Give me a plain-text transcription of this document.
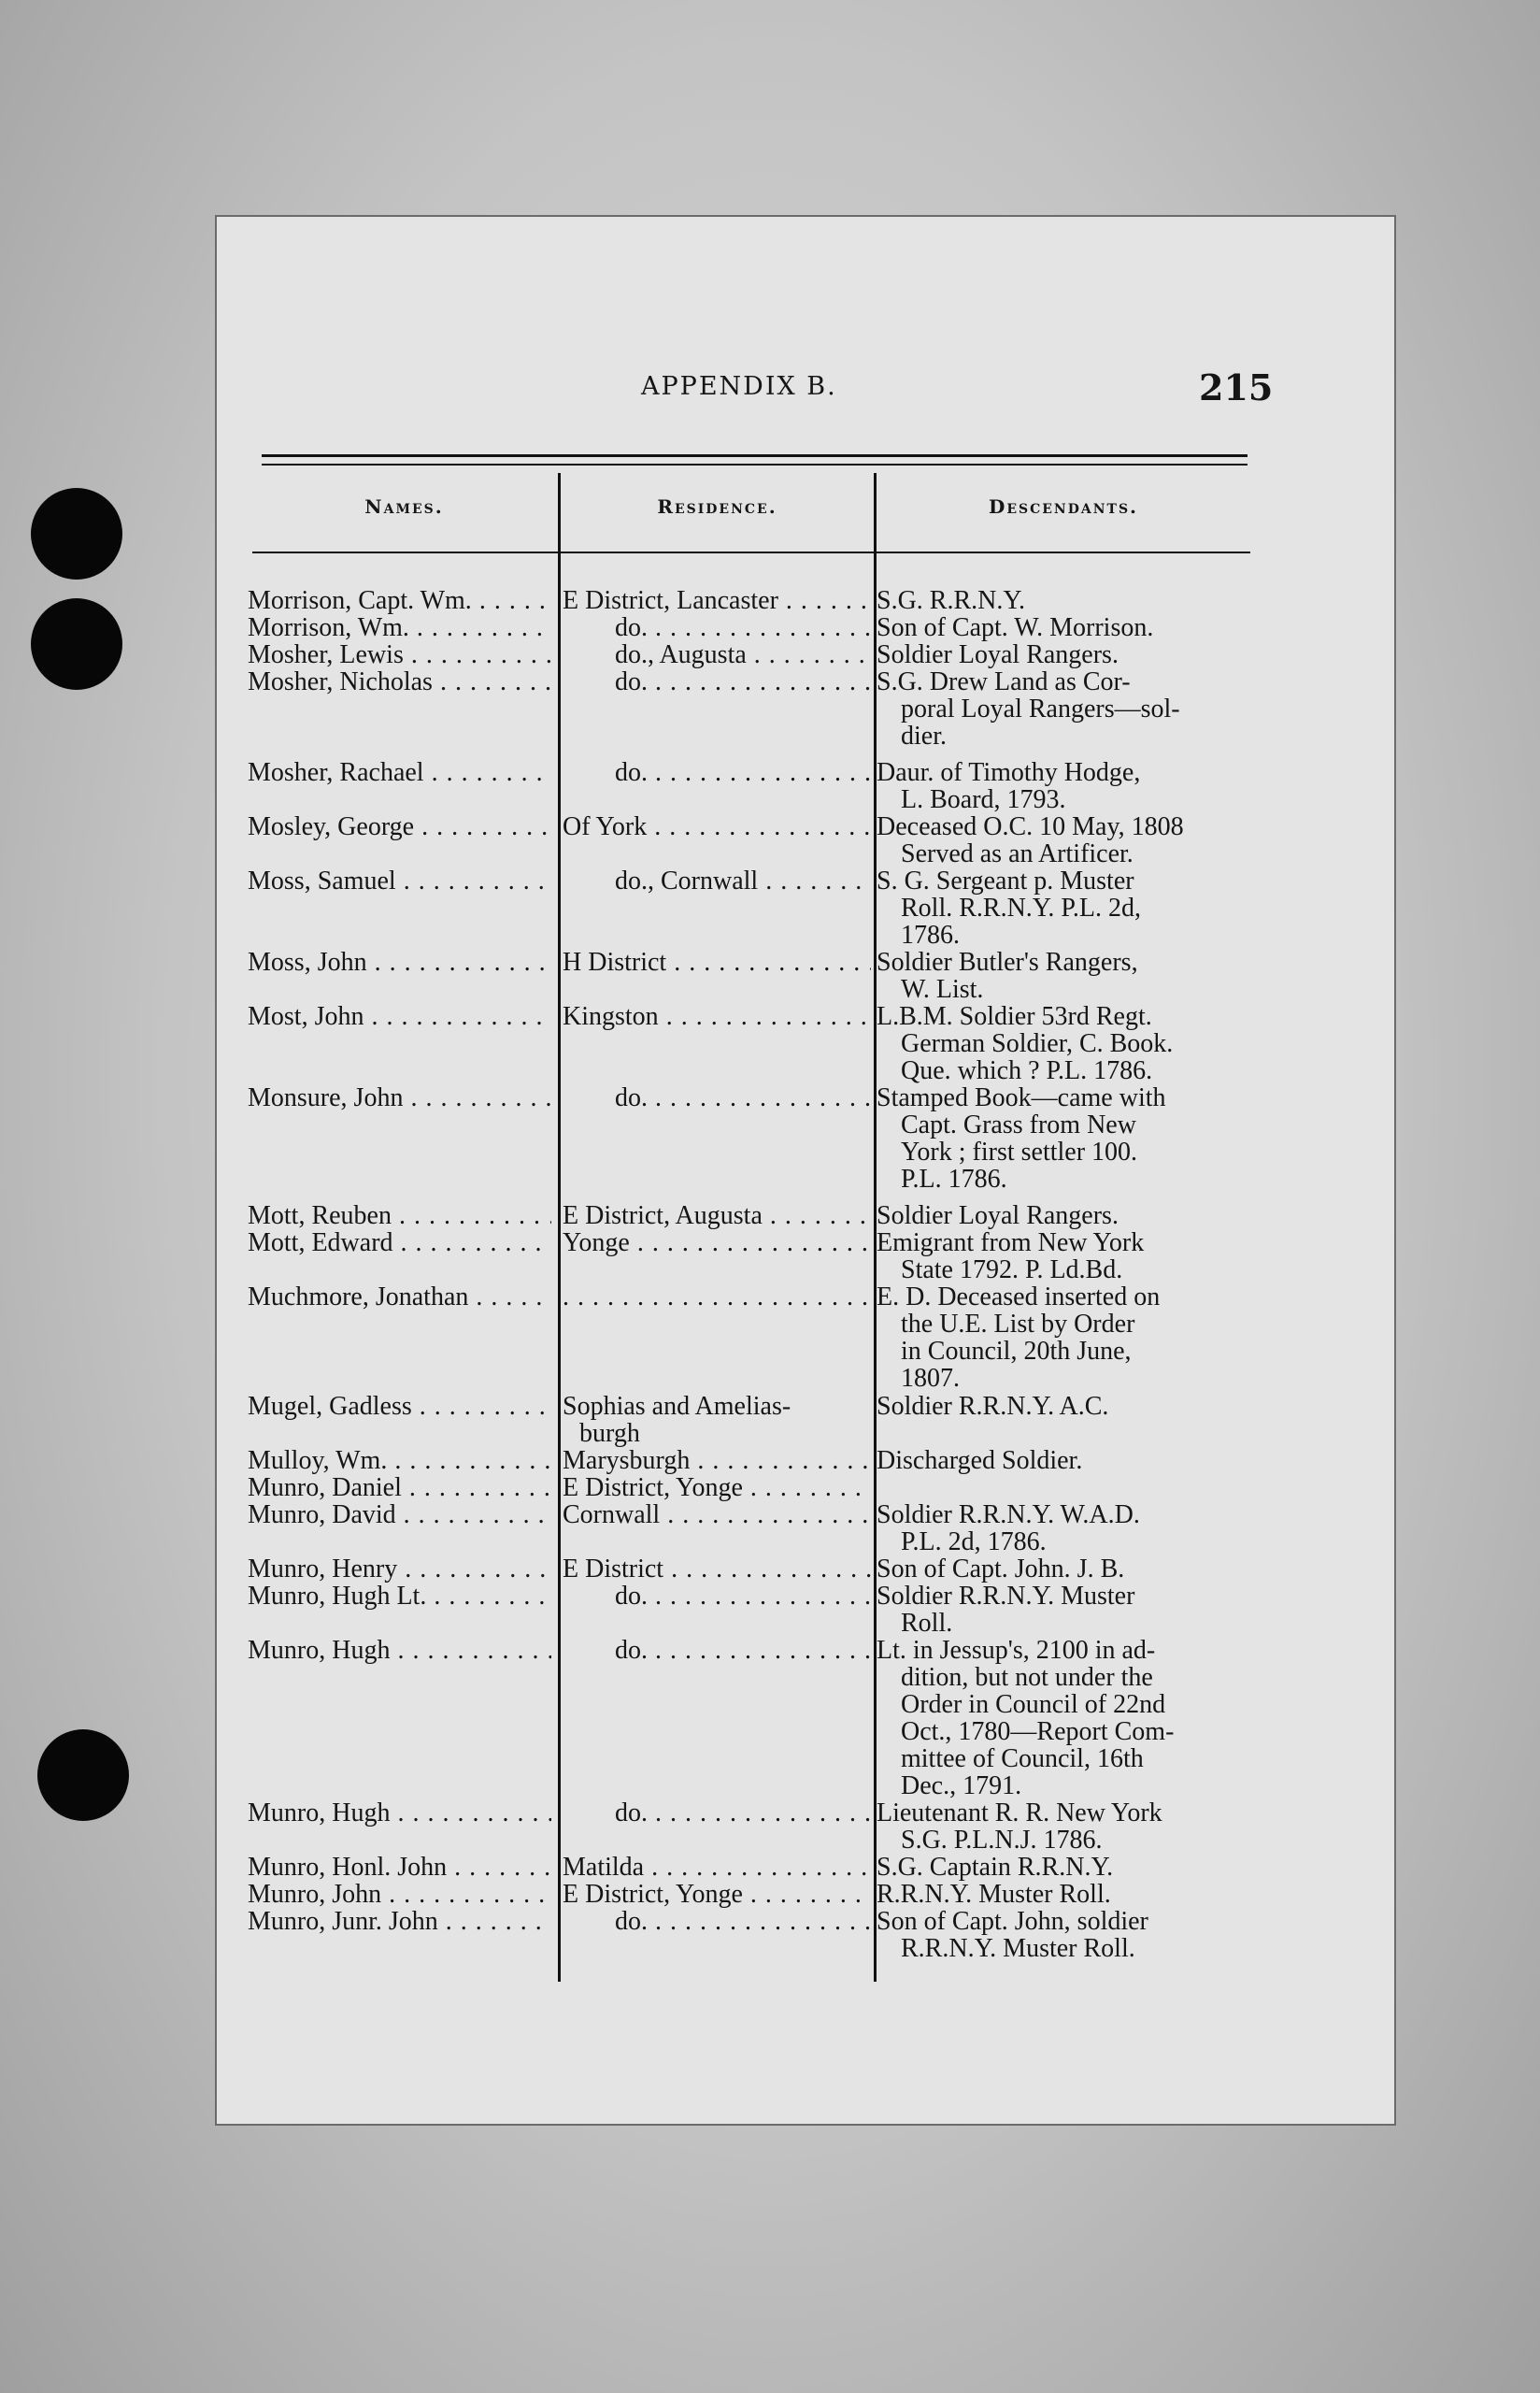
APPENDIX B.	215
Names.	Residence.	Descendants.
Morrison, Capt. Wm. . . .	E District, Lancaster . . .	S.G. R.R.N.Y.
Morrison, Wm. . . .	do. . . .	Son of Capt. W. Morrison.
Mosher, Lewis . . .	do., Augusta . . .	Soldier Loyal Rangers.
Mosher, Nicholas . . .	do. . . .	S.G. Drew Land as Cor-
poral Loyal Rangers—sol-
dier.
Mosher, Rachael . . .	do. . . .	Daur. of Timothy Hodge,
L. Board, 1793.
Mosley, George . . .	Of York . . .	Deceased O.C. 10 May, 1808
Served as an Artificer.
Moss, Samuel . . .	do., Cornwall . . .	S. G. Sergeant p. Muster
Roll. R.R.N.Y. P.L. 2d,
1786.
Moss, John . . .	H District . . .	Soldier Butler's Rangers,
W. List.
Most, John . . .	Kingston . . .	L.B.M. Soldier 53rd Regt.
German Soldier, C. Book.
Que. which ? P.L. 1786.
Monsure, John . . .	do. . . .	Stamped Book—came with
Capt. Grass from New
York ; first settler 100.
P.L. 1786.
Mott, Reuben . . .	E District, Augusta . . .	Soldier Loyal Rangers.
Mott, Edward . . .	Yonge . . .	Emigrant from New York
State 1792. P. Ld.Bd.
Muchmore, Jonathan . . .
. . .	E. D. Deceased inserted on
the U.E. List by Order
in Council, 20th June,
1807.
Mugel, Gadless . . .	Sophias and Amelias-
burgh
Soldier R.R.N.Y. A.C.
Mulloy, Wm. . . .	Marysburgh . . .	Discharged Soldier.
Munro, Daniel . . .	E District, Yonge . . .
Munro, David . . .	Cornwall . . .	Soldier R.R.N.Y. W.A.D.
P.L. 2d, 1786.
Munro, Henry . . .	E District . . .	Son of Capt. John. J. B.
Munro, Hugh Lt. . . .	do. . . .	Soldier R.R.N.Y. Muster
Roll.
Munro, Hugh . . .	do. . . .	Lt. in Jessup's, 2100 in ad-
dition, but not under the
Order in Council of 22nd
Oct., 1780—Report Com-
mittee of Council, 16th
Dec., 1791.
Munro, Hugh . . .	do. . . .	Lieutenant R. R. New York
S.G. P.L.N.J. 1786.
Munro, Honl. John . . .	Matilda . . .	S.G. Captain R.R.N.Y.
Munro, John . . .	E District, Yonge . . .	R.R.N.Y. Muster Roll.
Munro, Junr. John . . .	do. . . .	Son of Capt. John, soldier
R.R.N.Y. Muster Roll.
